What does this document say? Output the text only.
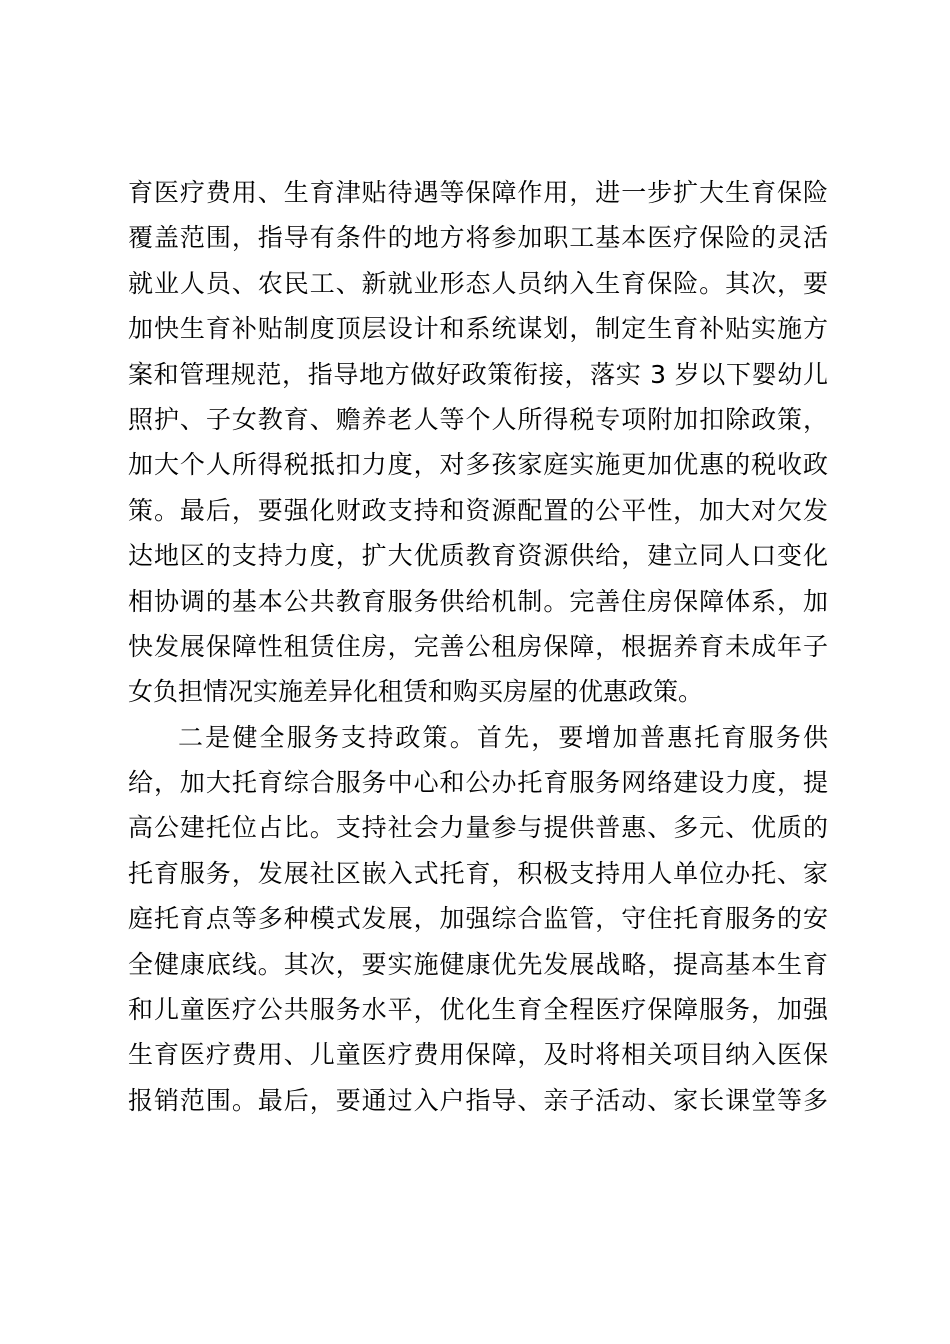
育医疗费用、生育津贴待遇等保障作用，进一步扩大生育保险
覆盖范围，指导有条件的地方将参加职工基本医疗保险的灵活
就业人员、农民工、新就业形态人员纳入生育保险。其次，要
加快生育补贴制度顶层设计和系统谋划，制定生育补贴实施方
案和管理规范，指导地方做好政策衔接，落实 3 岁以下婴幼儿
照护、子女教育、赡养老人等个人所得税专项附加扣除政策，
加大个人所得税抵扣力度，对多孩家庭实施更加优惠的税收政
策。最后，要强化财政支持和资源配置的公平性，加大对欠发
达地区的支持力度，扩大优质教育资源供给，建立同人口变化
相协调的基本公共教育服务供给机制。完善住房保障体系，加
快发展保障性租赁住房，完善公租房保障，根据养育未成年子
女负担情况实施差异化租赁和购买房屋的优惠政策。
二是健全服务支持政策。首先，要增加普惠托育服务供
给，加大托育综合服务中心和公办托育服务网络建设力度，提
高公建托位占比。支持社会力量参与提供普惠、多元、优质的
托育服务，发展社区嵌入式托育，积极支持用人单位办托、家
庭托育点等多种模式发展，加强综合监管，守住托育服务的安
全健康底线。其次，要实施健康优先发展战略，提高基本生育
和儿童医疗公共服务水平，优化生育全程医疗保障服务，加强
生育医疗费用、儿童医疗费用保障，及时将相关项目纳入医保
报销范围。最后，要通过入户指导、亲子活动、家长课堂等多
